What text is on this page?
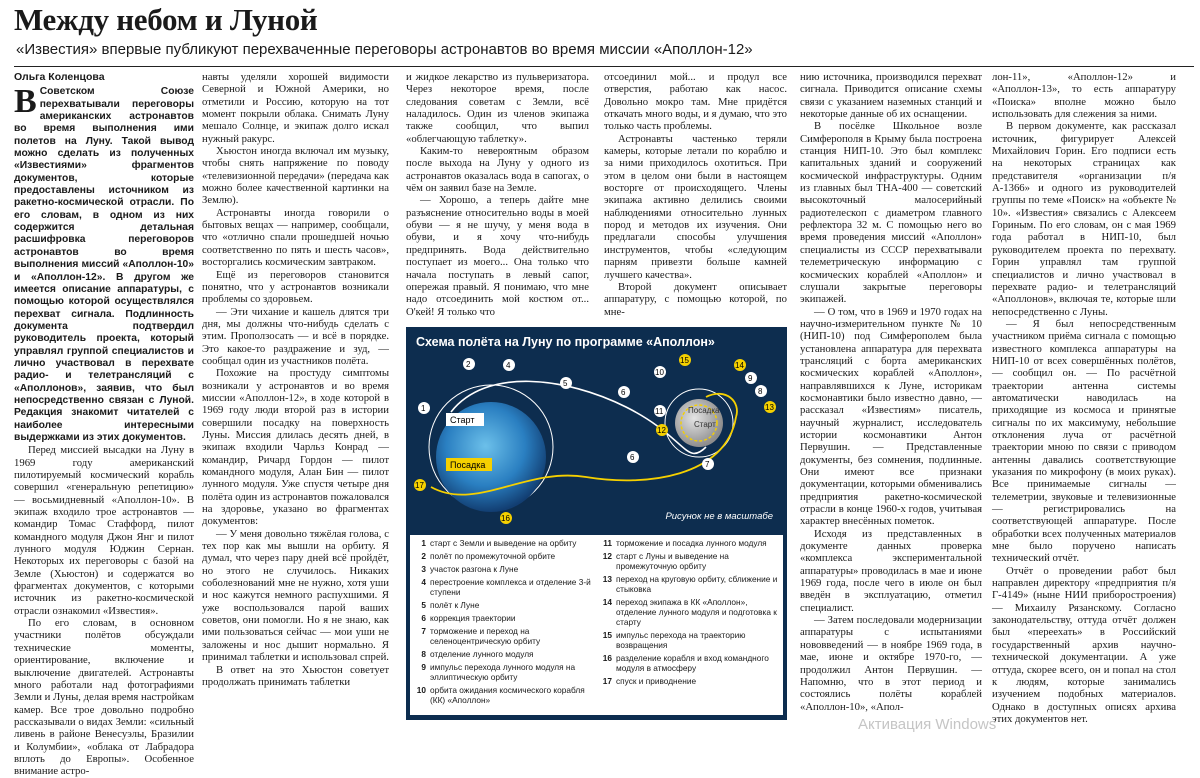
Между небом и Луной
«Известия» впервые публикуют перехваченные переговоры астронавтов во время миссии «Аполлон-12»
Ольга Коленцова
В Советском Союзе перехватывали переговоры американских астронавтов во время выполнения ими полетов на Луну. Такой вывод можно сделать из полученных «Известиями» фрагментов документов, которые предоставлены источником из ракетно-космической отрасли. По его словам, в одном из них содержится детальная расшифровка переговоров астронавтов во время выполнения миссий «Аполлон-10» и «Аполлон-12». В другом же имеется описание аппаратуры, с помощью которой осуществлялся перехват сигнала. Подлинность документа подтвердил руководитель проекта, который управлял группой специалистов и лично участвовал в перехвате радио- и телетрансляций с «Аполлонов», заявив, что был непосредственно связан с Луной. Редакция знакомит читателей с наиболее интересными выдержками из этих документов.

Перед миссией высадки на Луну в 1969 году американский пилотируемый космический корабль совершил «генеральную репетицию» — восьмидневный «Аполлон-10». В экипаж входило трое астронавтов — командир Томас Стаффорд, пилот командного модуля Джон Янг и пилот лунного модуля Юджин Сернан. Некоторых их переговоры с базой на Земле (Хьюстон) и содержатся во фрагментах документов, с которыми источник из ракетно-космической отрасли ознакомил «Известия».

По его словам, в основном участники полётов обсуждали технические моменты, ориентирование, включение и выключение двигателей. Астронавты много работали над фотографиями Земли и Луны, делая время настройкам камер. Все трое довольно подробно рассказывали о видах Земли: «сильный ливень в районе Венесуэлы, Бразилии и Колумбии», «облака от Лабрадора вплоть до Европы». Особенное внимание астро-

навты уделяли хорошей видимости Северной и Южной Америки, но отметили и Россию, которую на тот момент покрыли облака. Снимать Луну мешало Солнце, и экипаж долго искал нужный ракурс.

Хьюстон иногда включал им музыку, чтобы снять напряжение по поводу «телевизионной передачи» (передача как можно более качественной картинки на Землю).

Астронавты иногда говорили о бытовых вещах — например, сообщали, что «отлично спали прошедшей ночью соответственно по пять и шесть часов», восторгались космическим завтраком.

Ещё из переговоров становится понятно, что у астронавтов возникали проблемы со здоровьем.

— Эти чихание и кашель длятся три дня, мы должны что-нибудь сделать с этим. Проползосать — и всё в порядке. Это какое-то раздражение и зуд, — сообщал один из участников полёта.

Похожие на простуду симптомы возникали у астронавтов и во время миссии «Аполлон-12», в ходе которой в 1969 году люди второй раз в истории совершили посадку на поверхность Луны. Миссия длилась десять дней, в экипаж входили Чарльз Конрад — командир, Ричард Гордон — пилот командного модуля, Алан Бин — пилот лунного модуля. Уже спустя четыре дня полёта один из астронавтов пожаловался на здоровье, указано во фрагментах документов:

— У меня довольно тяжёлая голова, с тех пор как мы вышли на орбиту. Я думал, что через пару дней всё пройдёт, но этого не случилось. Никаких соболезнований мне не нужно, хотя уши и нос кажутся немного распухшими. Я уже воспользовался парой ваших советов, они помогли. Но я не знаю, как ими пользоваться сейчас — мои уши не заложены и нос дышит нормально. Я принимал таблетки и использовал спрей.

В ответ на это Хьюстон советует продолжать принимать таблетки

и жидкое лекарство из пульверизатора. Через некоторое время, после следования советам с Земли, всё наладилось. Один из членов экипажа также сообщил, что выпил «облегчающую таблетку».

Каким-то невероятным образом после выхода на Луну у одного из астронавтов оказалась вода в сапогах, о чём он заявил базе на Земле.

— Хорошо, а теперь дайте мне разъяснение относительно воды в моей обуви — я не шучу, у меня вода в обуви, и я хочу что-нибудь предпринять. Вода действительно поступает из моего... Она только что начала поступать в левый сапог, опережая правый. Я понимаю, что мне надо отсоединить мой костюм от... О'кей! Я только что

отсоединил мой... и продул все отверстия, работаю как насос. Довольно мокро там. Мне придётся откачать много воды, и я думаю, что это только часть проблемы.

Астронавты частенько теряли камеры, которые летали по кораблю и за ними приходилось охотиться. При этом в целом они были в настоящем восторге от происходящего. Члены экипажа активно делились своими наблюдениями относительно лунных пород и методов их изучения. Они предлагали способы улучшения инструментов, чтобы «следующим парням привезти больше камней лучшего качества».

Второй документ описывает аппаратуру, с помощью которой, по мне-

нию источника, производился перехват сигнала. Приводится описание схемы связи с указанием наземных станций и некоторые данные об их оснащении.

В посёлке Школьное возле Симферополя в Крыму была построена станция НИП-10. Это был комплекс капитальных зданий и сооружений космической инфраструктуры. Одним из главных был ТНА-400 — советский высокоточный малосерийный радиотелескоп с диаметром главного рефлектора 32 м. С помощью него во время проведения миссий «Аполлон» специалисты из СССР перехватывали телеметрическую информацию с космических кораблей «Аполлон» и слушали закрытые переговоры экипажей.

— О том, что в 1969 и 1970 годах на научно-измерительном пункте № 10 (НИП-10) под Симферополем была установлена аппаратура для перехвата трансляций с борта американских космических кораблей «Аполлон», направлявшихся к Луне, историкам космонавтики было известно давно, — рассказал «Известиям» писатель, научный журналист, исследователь истории космонавтики Антон Первушин. — Представленные документы, без сомнения, подлинные. Они имеют все признаки документации, которыми обменивались предприятия ракетно-космической отрасли в конце 1960-х годов, учитывая характер внесённых пометок.

Исходя из представленных в документе данных проверка «комплекса экспериментальной аппаратуры» проводилась в мае и июне 1969 года, после чего в июле он был введён в эксплуатацию, отметил специалист.

— Затем последовали модернизации аппаратуры с испытаниями нововведений — в ноябре 1969 года, в мае, июне и октябре 1970-го, — продолжил Антон Первушин. — Напомню, что в этот период и состоялись полёты кораблей «Аполлон-10», «Апол-

лон-11», «Аполлон-12» и «Аполлон-13», то есть аппаратуру «Поиска» вполне можно было использовать для слежения за ними.

В первом документе, как рассказал источник, фигурирует Алексей Михайлович Горин. Его подписи есть на некоторых страницах как представителя «организации п/я А-1366» и одного из руководителей группы по теме «Поиск» на «объекте № 10». «Известия» связались с Алексеем Гориным. По его словам, он с мая 1969 года работал в НИП-10, был руководителем проекта по перехвату. Горин управлял там группой специалистов и лично участвовал в перехвате радио- и телетрансляций «Аполлонов», включая те, которые шли непосредственно с Луны.

— Я был непосредственным участником приёма сигнала с помощью известного комплекса аппаратуры на НИП-10 от всех совершённых полётов, — сообщил он. — По расчётной траектории антенна системы автоматически наводилась на приходящие из космоса и принятые сигналы по их максимуму, небольшие отклонения луча от расчётной траектории мною по связи с приводом антенны давались соответствующие указания по микрофону (в моих руках). Все принимаемые сигналы — телеметрии, звуковые и телевизионные — регистрировались на соответствующей аппаратуре. После обработки всех полученных материалов мне было поручено написать технический отчёт.

Отчёт о проведении работ был направлен директору «предприятия п/я Г-4149» (ныне НИИ приборостроения) — Михаилу Рязанскому. Согласно законодательству, оттуда отчёт должен был «переехать» в Российский государственный архив научно-технической документации. А уже оттуда, скорее всего, он и попал на стол к людям, которые занимались изучением подобных материалов. Однако в доступных описях архива этих документов нет.

Схема полёта на Луну по программе «Аполлон»
Старт
Посадка
Посадка
Старт
1
2	4
5
6
10
11
12
15
14
9
8
13
7
6
17
16	Рисунок не в масштабе
1 старт с Земли и выведение на орбиту
2 полёт по промежуточной орбите
3 участок разгона к Луне
4 перестроение комплекса и отделение 3-й ступени
5 полёт к Луне
6 коррекция траектории
7 торможение и переход на селеноцентрическую орбиту
8 отделение лунного модуля
9 импульс перехода лунного модуля на эллиптическую орбиту
10 орбита ожидания космического корабля (КК) «Аполлон»
11 торможение и посадка лунного модуля
12 старт с Луны и выведение на промежуточную орбиту
13 переход на круговую орбиту, сближение и стыковка
14 переход экипажа в КК «Аполлон», отделение лунного модуля и подготовка к старту
15 импульс перехода на траекторию возвращения
16 разделение корабля и вход командного модуля в атмосферу
17 спуск и приводнение
Активация Windows
